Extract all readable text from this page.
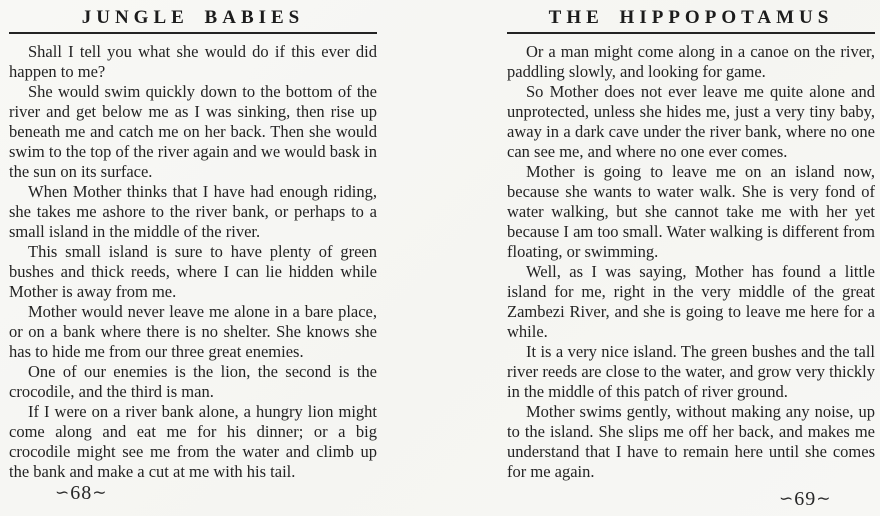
JUNGLE BABIES

Shall I tell you what she would do if this ever did happen to me?

She would swim quickly down to the bottom of the river and get below me as I was sinking, then rise up beneath me and catch me on her back. Then she would swim to the top of the river again and we would bask in the sun on its surface.

When Mother thinks that I have had enough riding, she takes me ashore to the river bank, or perhaps to a small island in the middle of the river.

This small island is sure to have plenty of green bushes and thick reeds, where I can lie hidden while Mother is away from me.

Mother would never leave me alone in a bare place, or on a bank where there is no shelter. She knows she has to hide me from our three great enemies.

One of our enemies is the lion, the second is the crocodile, and the third is man.

If I were on a river bank alone, a hungry lion might come along and eat me for his dinner; or a big crocodile might see me from the water and climb up the bank and make a cut at me with his tail.

∽68∼
THE HIPPOPOTAMUS

Or a man might come along in a canoe on the river, paddling slowly, and looking for game.

So Mother does not ever leave me quite alone and unprotected, unless she hides me, just a very tiny baby, away in a dark cave under the river bank, where no one can see me, and where no one ever comes.

Mother is going to leave me on an island now, because she wants to water walk. She is very fond of water walking, but she cannot take me with her yet because I am too small. Water walking is different from floating, or swimming.

Well, as I was saying, Mother has found a little island for me, right in the very middle of the great Zambezi River, and she is going to leave me here for a while.

It is a very nice island. The green bushes and the tall river reeds are close to the water, and grow very thickly in the middle of this patch of river ground.

Mother swims gently, without making any noise, up to the island. She slips me off her back, and makes me understand that I have to remain here until she comes for me again.

∽69∼
